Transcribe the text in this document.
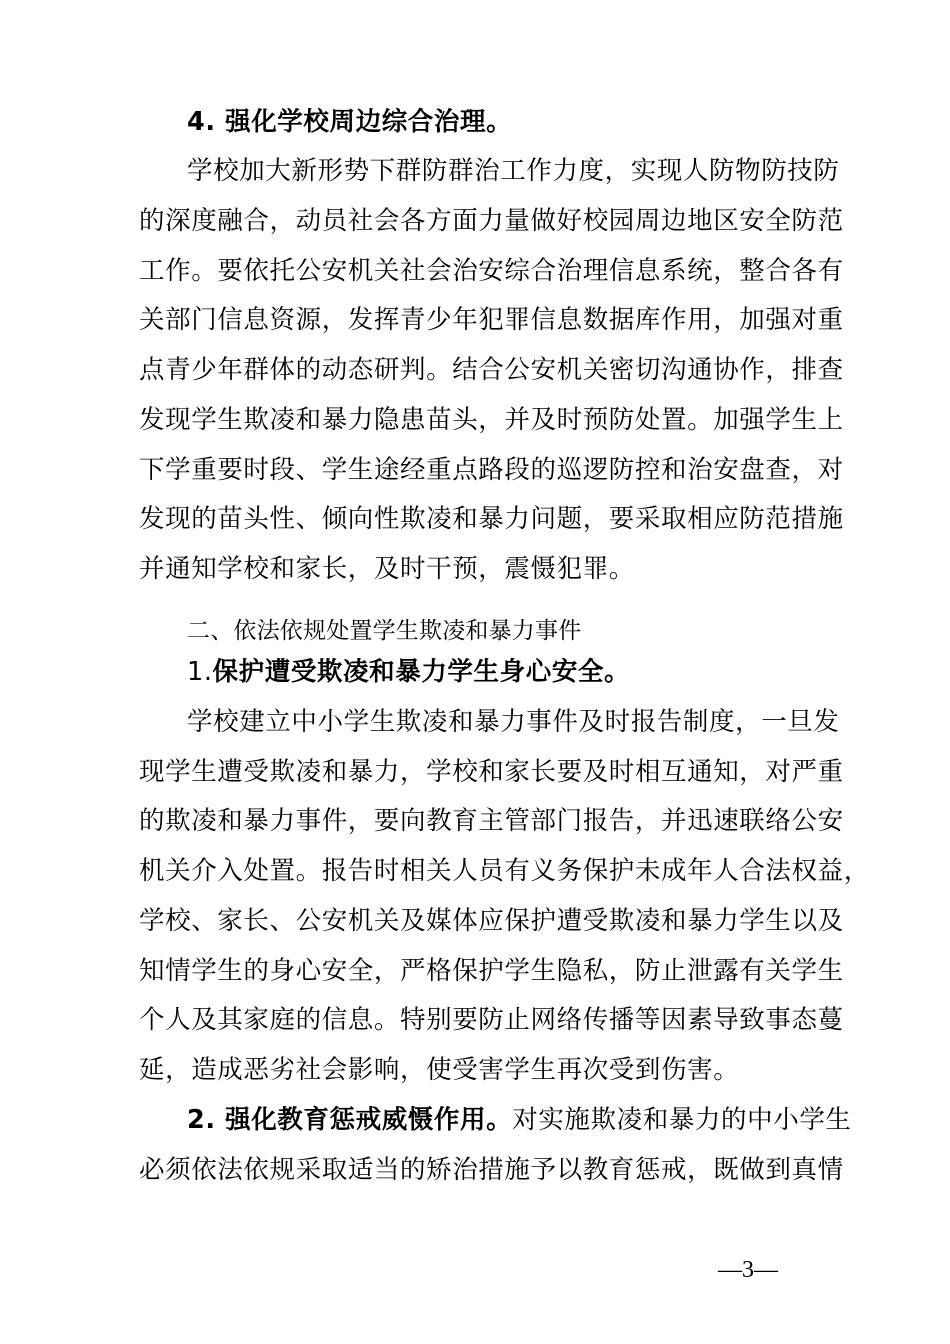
4. 强化学校周边综合治理。
学校加大新形势下群防群治工作力度，实现人防物防技防
的深度融合，动员社会各方面力量做好校园周边地区安全防范
工作。要依托公安机关社会治安综合治理信息系统，整合各有
关部门信息资源，发挥青少年犯罪信息数据库作用，加强对重
点青少年群体的动态研判。结合公安机关密切沟通协作，排查
发现学生欺凌和暴力隐患苗头，并及时预防处置。加强学生上
下学重要时段、学生途经重点路段的巡逻防控和治安盘查，对
发现的苗头性、倾向性欺凌和暴力问题，要采取相应防范措施
并通知学校和家长，及时干预，震慑犯罪。
二、依法依规处置学生欺凌和暴力事件
1.保护遭受欺凌和暴力学生身心安全。
学校建立中小学生欺凌和暴力事件及时报告制度，一旦发
现学生遭受欺凌和暴力，学校和家长要及时相互通知，对严重
的欺凌和暴力事件，要向教育主管部门报告，并迅速联络公安
机关介入处置。报告时相关人员有义务保护未成年人合法权益，
学校、家长、公安机关及媒体应保护遭受欺凌和暴力学生以及
知情学生的身心安全，严格保护学生隐私，防止泄露有关学生
个人及其家庭的信息。特别要防止网络传播等因素导致事态蔓
延，造成恶劣社会影响，使受害学生再次受到伤害。
2. 强化教育惩戒威慑作用。对实施欺凌和暴力的中小学生
必须依法依规采取适当的矫治措施予以教育惩戒，既做到真情
—3—
